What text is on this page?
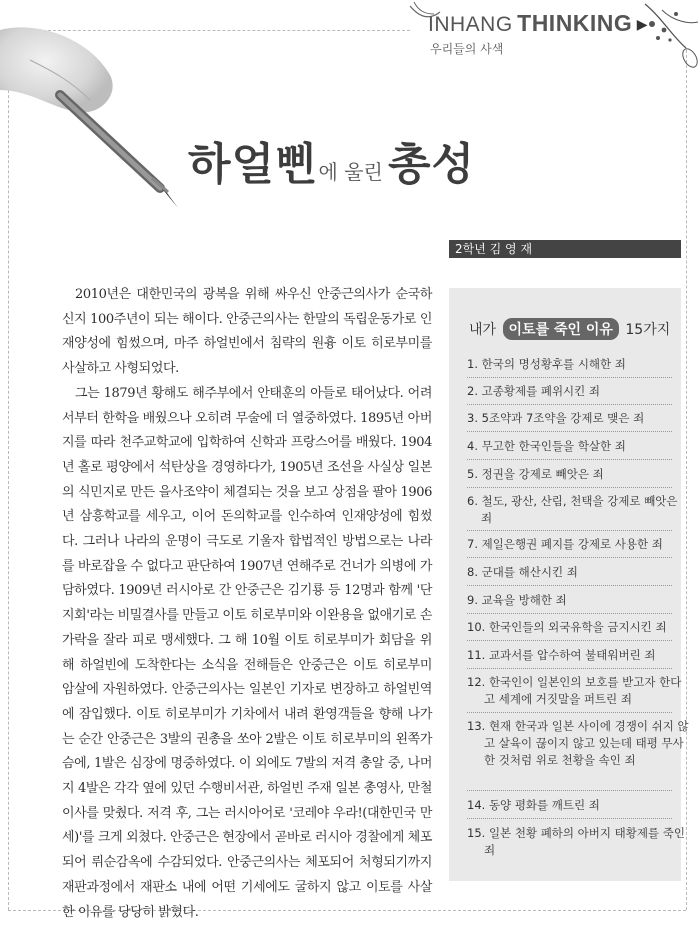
INHANG THINKING ▶
우리들의 사색
하얼삔에 울린 총성
2학년 김 영 재

2010년은 대한민국의 광복을 위해 싸우신 안중근의사가 순국하신지 100주년이 되는 해이다. 안중근의사는 한말의 독립운동가로 인재양성에 힘썼으며, 마주 하얼빈에서 침략의 원흉 이토 히로부미를 사살하고 사형되었다.

그는 1879년 황해도 해주부에서 안태훈의 아들로 태어났다. 어려서부터 한학을 배웠으나 오히려 무술에 더 열중하였다. 1895년 아버지를 따라 천주교학교에 입학하여 신학과 프랑스어를 배웠다. 1904년 홀로 평양에서 석탄상을 경영하다가, 1905년 조선을 사실상 일본의 식민지로 만든 을사조약이 체결되는 것을 보고 상점을 팔아 1906년 삼흥학교를 세우고, 이어 돈의학교를 인수하여 인재양성에 힘썼다. 그러나 나라의 운명이 극도로 기울자 합법적인 방법으로는 나라를 바로잡을 수 없다고 판단하여 1907년 연해주로 건너가 의병에 가담하였다. 1909년 러시아로 간 안중근은 김기룡 등 12명과 함께 '단지회'라는 비밀결사를 만들고 이토 히로부미와 이완용을 없애기로 손가락을 잘라 피로 맹세했다. 그 해 10월 이토 히로부미가 회담을 위해 하얼빈에 도착한다는 소식을 전해들은 안중근은 이토 히로부미 암살에 자원하였다. 안중근의사는 일본인 기자로 변장하고 하얼빈역에 잠입했다. 이토 히로부미가 기차에서 내려 환영객들을 향해 나가는 순간 안중근은 3발의 권총을 쏘아 2발은 이토 히로부미의 왼쪽가슴에, 1발은 심장에 명중하였다. 이 외에도 7발의 저격 총알 중, 나머지 4발은 각각 옆에 있던 수행비서관, 하얼빈 주재 일본 총영사, 만철 이사를 맞췄다. 저격 후, 그는 러시아어로 '코레야 우라!(대한민국 만세)'를 크게 외쳤다. 안중근은 현장에서 곧바로 러시아 경찰에게 체포되어 뤼순감옥에 수감되었다. 안중근의사는 체포되어 처형되기까지 재판과정에서 재판소 내에 어떤 기세에도 굴하지 않고 이토를 사살한 이유를 당당히 밝혔다.

내가 이토를 죽인 이유 15가지
1. 한국의 명성황후를 시해한 죄
2. 고종황제를 폐위시킨 죄
3. 5조약과 7조약을 강제로 맺은 죄
4. 무고한 한국인들을 학살한 죄
5. 정권을 강제로 빼앗은 죄
6. 철도, 광산, 산림, 천택을 강제로 빼앗은 죄
7. 제일은행권 폐지를 강제로 사용한 죄
8. 군대를 해산시킨 죄
9. 교육을 방해한 죄
10. 한국인들의 외국유학을 금지시킨 죄
11. 교과서를 압수하여 불태워버린 죄
12. 한국인이 일본인의 보호를 받고자 한다고 세계에 거짓말을 퍼트린 죄
13. 현재 한국과 일본 사이에 경쟁이 쉬지 않고 살육이 끊이지 않고 있는데 태평 무사한 것처럼 위로 천황을 속인 죄
14. 동양 평화를 깨트린 죄
15. 일본 천황 폐하의 아버지 태황제를 죽인 죄
